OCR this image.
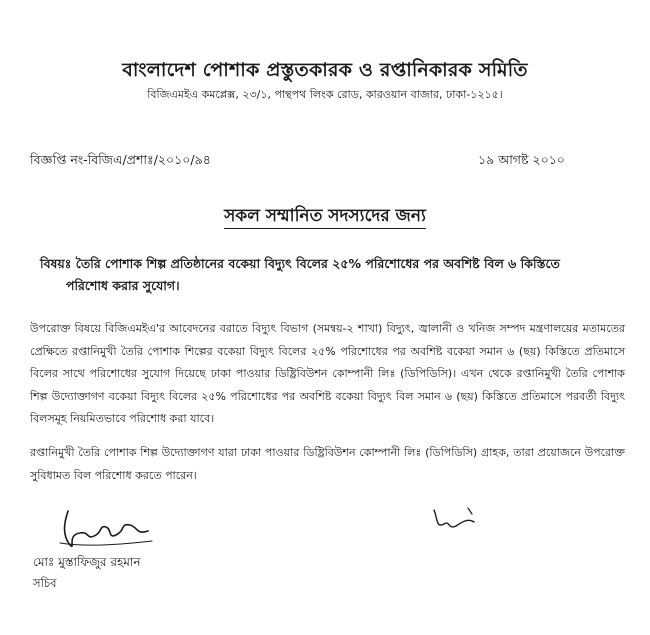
বাংলাদেশ পোশাক প্রস্তুতকারক ও রপ্তানিকারক সমিতি
বিজিএমইএ কমপ্লেক্স, ২৩/১, পান্থপথ লিংক রোড, কারওয়ান বাজার, ঢাকা-১২১৫।
বিজ্ঞপ্তি নং-বিজিএ/প্রশাঃ/২০১০/৯৪	১৯ আগষ্ট ২০১০
সকল সম্মানিত সদস্যদের জন্য
বিষয়ঃ তৈরি পোশাক শিল্প প্রতিষ্ঠানের বকেয়া বিদ্যুৎ বিলের ২৫% পরিশোধের পর অবশিষ্ট বিল ৬ কিস্তিতে
পরিশোধ করার সুযোগ।
উপরোক্ত বিষয়ে বিজিএমইএ'র আবেদনের বরাতে বিদ্যুৎ বিভাগ (সমন্বয়-২ শাখা) বিদ্যুৎ, জ্বালানী ও খনিজ সম্পদ মন্ত্রণালয়ের মতামতের প্রেক্ষিতে রপ্তানিমুখী তৈরি পোশাক শিল্পের বকেয়া বিদ্যুৎ বিলের ২৫% পরিশোধের পর অবশিষ্ট বকেয়া সমান ৬ (ছয়) কিস্তিতে প্রতিমাসে বিলের সাথে পরিশোধের সুযোগ দিয়েছে ঢাকা পাওয়ার ডিষ্ট্রিবিউশন কোম্পানী লিঃ (ডিপিডিসি)। এখন থেকে রপ্তানিমুখী তৈরি পোশাক শিল্প উদ্যোক্তাগণ বকেয়া বিদ্যুৎ বিলের ২৫% পরিশোধের পর অবশিষ্ট বকেয়া বিদ্যুৎ বিল সমান ৬ (ছয়) কিস্তিতে প্রতিমাসে পরবর্তী বিদ্যুৎ বিলসমূহ নিয়মিতভাবে পরিশোধ করা যাবে।
রপ্তানিমুখী তৈরি পোশাক শিল্প উদ্যোক্তাগণ যারা ঢাকা পাওয়ার ডিষ্ট্রিবিউশন কোম্পানী লিঃ (ডিপিডিসি) গ্রাহক, তারা প্রয়োজনে উপরোক্ত সুবিধামত বিল পরিশোধ করতে পারেন।
মোঃ মুস্তাফিজুর রহমান
সচিব
